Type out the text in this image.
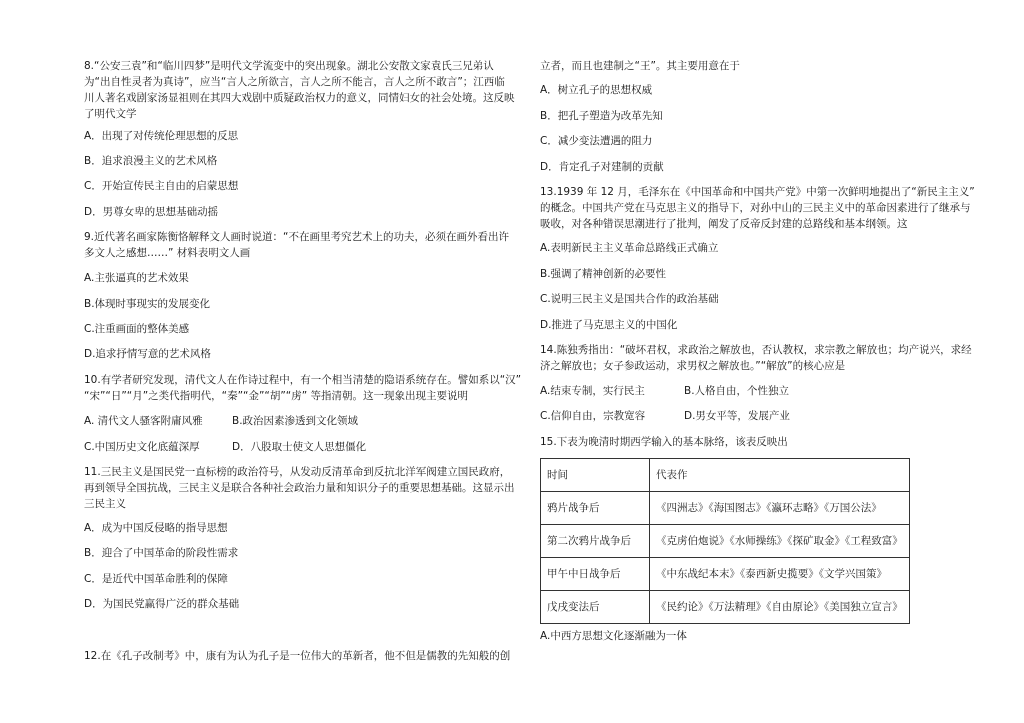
8.“公安三袁”和“临川四梦”是明代文学流变中的突出现象。湖北公安散文家袁氏三兄弟认
为“出自性灵者为真诗”，应当“言人之所欲言，言人之所不能言，言人之所不敢言”；江西临
川人著名戏剧家汤显祖则在其四大戏剧中质疑政治权力的意义，同情妇女的社会处境。这反映
了明代文学
A．出现了对传统伦理思想的反思
B．追求浪漫主义的艺术风格
C．开始宣传民主自由的启蒙思想
D．男尊女卑的思想基础动摇
9.近代著名画家陈衡恪解释文人画时说道：“不在画里考究艺术上的功夫，必须在画外看出许
多文人之感想……” 材料表明文人画
A.主张逼真的艺术效果
B.体现时事现实的发展变化
C.注重画面的整体美感
D.追求抒情写意的艺术风格
10.有学者研究发现，清代文人在作诗过程中，有一个相当清楚的隐语系统存在。譬如系以“汉”
“宋”“日”“月”之类代指明代，“秦”“金”“胡”“虏” 等指清朝。这一现象出现主要说明
A. 清代文人骚客附庸风雅	B.政治因素渗透到文化领域
C.中国历史文化底蕴深厚	D．八股取士使文人思想僵化
11.三民主义是国民党一直标榜的政治符号，从发动反清革命到反抗北洋军阀建立国民政府，
再到领导全国抗战，三民主义是联合各种社会政治力量和知识分子的重要思想基础。这显示出
三民主义
A．成为中国反侵略的指导思想
B．迎合了中国革命的阶段性需求
C．是近代中国革命胜利的保障
D．为国民党赢得广泛的群众基础
12.在《孔子改制考》中，康有为认为孔子是一位伟大的革新者，他不但是儒教的先知般的创
立者，而且也建制之“王”。其主要用意在于
A．树立孔子的思想权威
B．把孔子塑造为改革先知
C．减少变法遭遇的阻力
D．肯定孔子对建制的贡献
13.1939 年 12 月，毛泽东在《中国革命和中国共产党》中第一次鲜明地提出了“新民主主义”
的概念。中国共产党在马克思主义的指导下，对孙中山的三民主义中的革命因素进行了继承与
吸收，对各种错误思潮进行了批判，阐发了反帝反封建的总路线和基本纲领。这
A.表明新民主主义革命总路线正式确立
B.强调了精神创新的必要性
C.说明三民主义是国共合作的政治基础
D.推进了马克思主义的中国化
14.陈独秀指出：“破坏君权，求政治之解放也，否认教权，求宗教之解放也；均产说兴，求经
济之解放也；女子参政运动，求男权之解放也。”“解放”的核心应是
A.结束专制，实行民主	B.人格自由，个性独立
C.信仰自由，宗教宽容	D.男女平等，发展产业
15.下表为晚清时期西学输入的基本脉络，该表反映出
时间	代表作
鸦片战争后	《四洲志》《海国图志》《瀛环志略》《万国公法》
第二次鸦片战争后	《克虏伯炮说》《水师操练》《探矿取金》《工程致富》
甲午中日战争后	《中东战纪本末》《泰西新史揽要》《文学兴国策》
戊戌变法后	《民约论》《万法精理》《自由原论》《美国独立宣言》
A.中西方思想文化逐渐融为一体
